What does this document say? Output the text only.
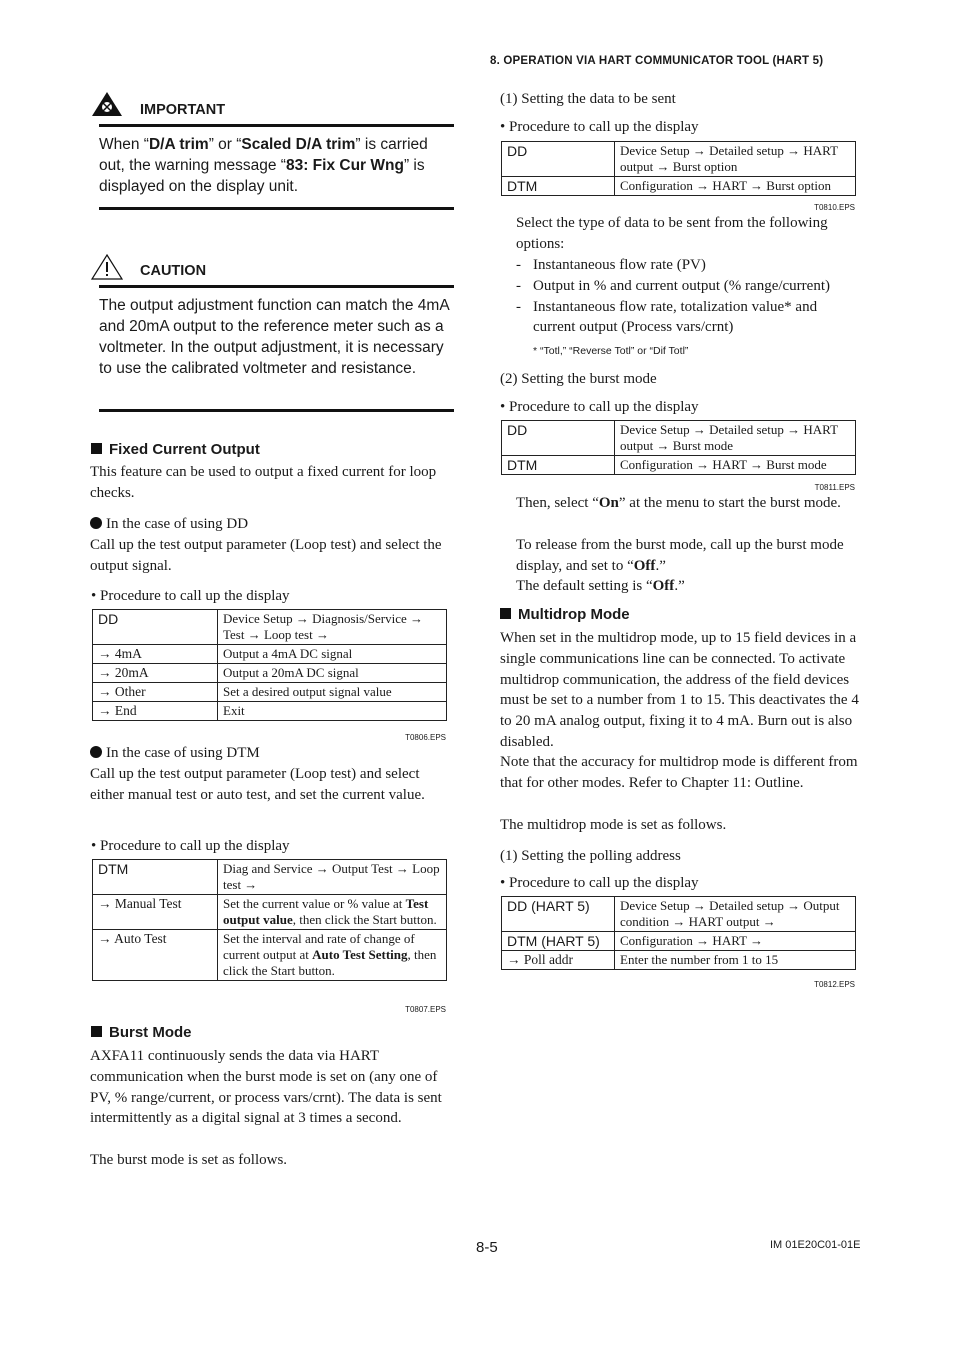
8. OPERATION VIA HART COMMUNICATOR TOOL (HART 5)
IMPORTANT
When “D/A trim” or “Scaled D/A trim” is carried out, the warning message “83: Fix Cur Wng” is displayed on the display unit.
CAUTION
The output adjustment function can match the 4mA and 20mA output to the reference meter such as a voltmeter. In the output adjustment, it is necessary to use the calibrated voltmeter and resistance.
Fixed Current Output
This feature can be used to output a fixed current for loop checks.
In the case of using DD
Call up the test output parameter (Loop test) and select the output signal.
• Procedure to call up the display
DD	Device Setup → Diagnosis/Service → Test → Loop test →
→ 4mA	Output a 4mA DC signal
→ 20mA	Output a 20mA DC signal
→ Other	Set a desired output signal value
→ End	Exit
T0806.EPS
In the case of using DTM
Call up the test output parameter (Loop test) and select either manual test or auto test, and set the current value.
• Procedure to call up the display
DTM	Diag and Service → Output Test → Loop test →
→ Manual Test	Set the current value or % value at Test output value, then click the Start button.
→ Auto Test	Set the interval and rate of change of current output at Auto Test Setting, then click the Start button.
T0807.EPS
Burst Mode
AXFA11 continuously sends the data via HART communication when the burst mode is set on (any one of PV, % range/current, or process vars/crnt). The data is sent intermittently as a digital signal at 3 times a second.
The burst mode is set as follows.
(1) Setting the data to be sent
• Procedure to call up the display
DD	Device Setup → Detailed setup → HART output → Burst option
DTM	Configuration → HART → Burst option
T0810.EPS
Select the type of data to be sent from the following options:
- Instantaneous flow rate (PV)
- Output in % and current output (% range/current)
- Instantaneous flow rate, totalization value* and current output (Process vars/crnt)
* “Totl,” “Reverse Totl” or “Dif Totl”
(2) Setting the burst mode
• Procedure to call up the display
DD	Device Setup → Detailed setup → HART output → Burst mode
DTM	Configuration → HART → Burst mode
T0811.EPS
Then, select “On” at the menu to start the burst mode.
To release from the burst mode, call up the burst mode display, and set to “Off.”
The default setting is “Off.”
Multidrop Mode
When set in the multidrop mode, up to 15 field devices in a single communications line can be connected. To activate multidrop communication, the address of the field devices must be set to a number from 1 to 15. This deactivates the 4 to 20 mA analog output, fixing it to 4 mA. Burn out is also disabled.
Note that the accuracy for multidrop mode is different from that for other modes. Refer to Chapter 11: Outline.
The multidrop mode is set as follows.
(1) Setting the polling address
• Procedure to call up the display
DD (HART 5)	Device Setup → Detailed setup → Output condition → HART output →
DTM (HART 5)	Configuration → HART →
→ Poll addr	Enter the number from 1 to 15
T0812.EPS
8-5	IM 01E20C01-01E
